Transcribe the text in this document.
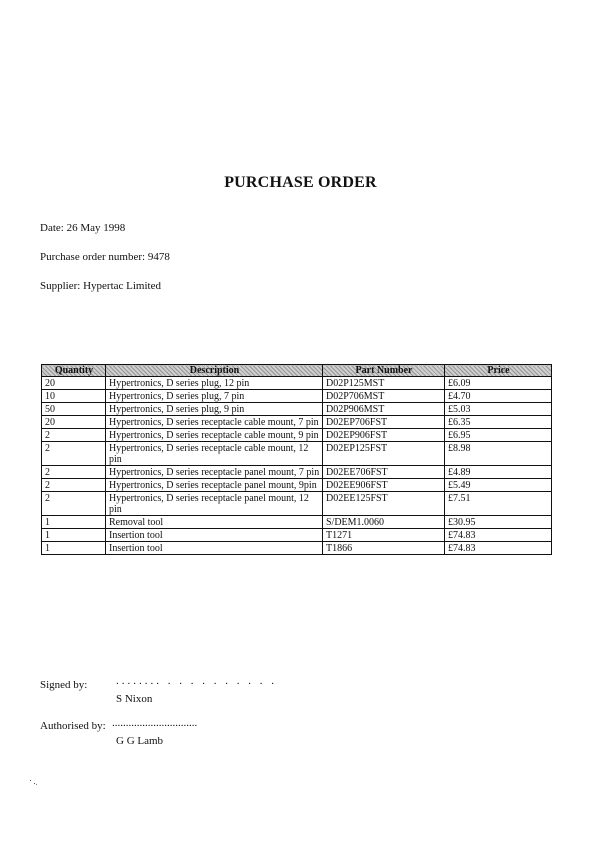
PURCHASE ORDER
Date: 26 May 1998
Purchase order number: 9478
Supplier: Hypertac Limited
Quantity	Description	Part Number	Price
20	Hypertronics, D series plug, 12 pin	D02P125MST	£6.09
10	Hypertronics, D series plug, 7 pin	D02P706MST	£4.70
50	Hypertronics, D series plug, 9 pin	D02P906MST	£5.03
20	Hypertronics, D series receptacle cable mount, 7 pin	D02EP706FST	£6.35
2	Hypertronics, D series receptacle cable mount, 9 pin	D02EP906FST	£6.95
2	Hypertronics, D series receptacle cable mount, 12 pin	D02EP125FST	£8.98
2	Hypertronics, D series receptacle panel mount, 7 pin	D02EE706FST	£4.89
2	Hypertronics, D series receptacle panel mount, 9pin	D02EE906FST	£5.49
2	Hypertronics, D series receptacle panel mount, 12 pin	D02EE125FST	£7.51
1	Removal tool	S/DEM1.0060	£30.95
1	Insertion tool	T1271	£74.83
1	Insertion tool	T1866	£74.83
Signed by:	........ . . . . . . . . . .
S Nixon
Authorised by: ...............................
G G Lamb
